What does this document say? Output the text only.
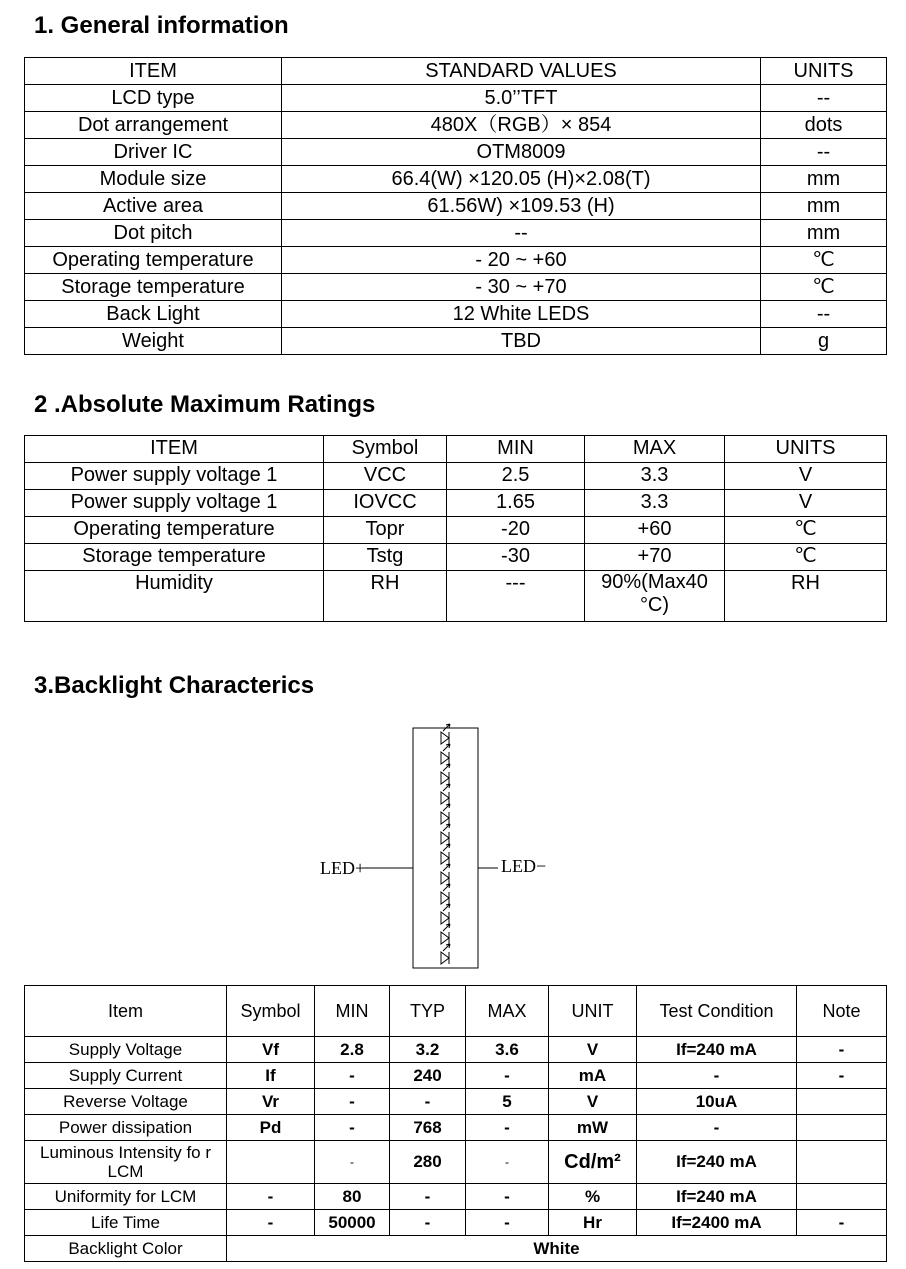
1. General information
ITEM	STANDARD VALUES	UNITS
LCD type	5.0’’TFT	--
Dot arrangement	480X（RGB）× 854	dots
Driver IC	OTM8009	--
Module size	66.4(W) ×120.05 (H)×2.08(T)	mm
Active area	61.56W) ×109.53 (H)	mm
Dot pitch	--	mm
Operating temperature	- 20 ~ +60	℃
Storage temperature	- 30 ~ +70	℃
Back Light	12 White LEDS	--
Weight	TBD	g
2 .Absolute Maximum Ratings
ITEM	Symbol	MIN	MAX	UNITS
Power supply voltage 1	VCC	2.5	3.3	V
Power supply voltage 1	IOVCC	1.65	3.3	V
Operating temperature	Topr	-20	+60	℃
Storage temperature	Tstg	-30	+70	℃
Humidity	RH	---	90%(Max40 °C)	RH
3.Backlight Characterics
LED+	LED−
Item	Symbol	MIN	TYP	MAX	UNIT	Test Condition	Note
Supply Voltage	Vf	2.8	3.2	3.6	V	If=240 mA	-
Supply Current	If	-	240	-	mA	-	-
Reverse Voltage	Vr	-	-	5	V	10uA	
Power dissipation	Pd	-	768	-	mW	-	
Luminous Intensity fo r LCM		-	280	-	Cd/m²	If=240 mA	
Uniformity for LCM	-	80	-	-	%	If=240 mA	
Life Time	-	50000	-	-	Hr	If=2400 mA	-
Backlight Color	White						
